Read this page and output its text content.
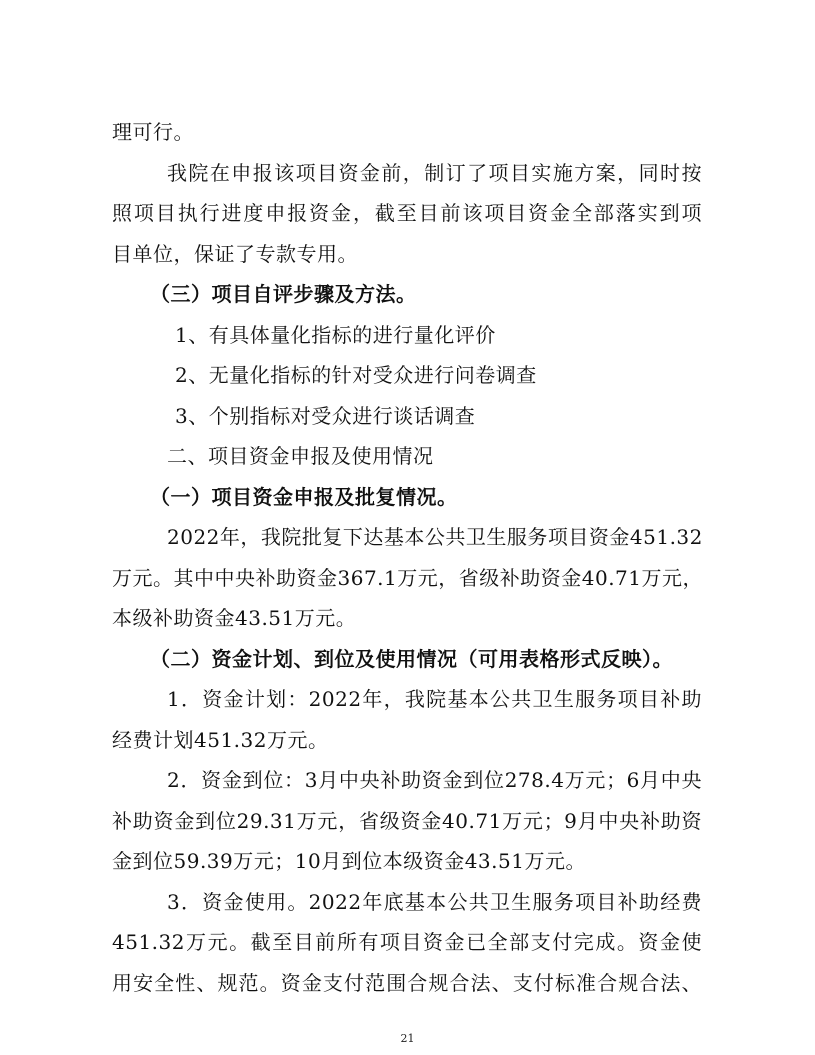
理可行。
我院在申报该项目资金前，制订了项目实施方案，同时按
照项目执行进度申报资金，截至目前该项目资金全部落实到项
目单位，保证了专款专用。
（三）项目自评步骤及方法。
1、有具体量化指标的进行量化评价
2、无量化指标的针对受众进行问卷调查
3、个别指标对受众进行谈话调查
二、项目资金申报及使用情况
（一）项目资金申报及批复情况。
2022年，我院批复下达基本公共卫生服务项目资金451.32
万元。其中中央补助资金367.1万元，省级补助资金40.71万元，
本级补助资金43.51万元。
（二）资金计划、到位及使用情况（可用表格形式反映）。
1．资金计划：2022年，我院基本公共卫生服务项目补助
经费计划451.32万元。
2．资金到位：3月中央补助资金到位278.4万元；6月中央
补助资金到位29.31万元，省级资金40.71万元；9月中央补助资
金到位59.39万元；10月到位本级资金43.51万元。
3．资金使用。2022年底基本公共卫生服务项目补助经费
451.32万元。截至目前所有项目资金已全部支付完成。资金使
用安全性、规范。资金支付范围合规合法、支付标准合规合法、
21
